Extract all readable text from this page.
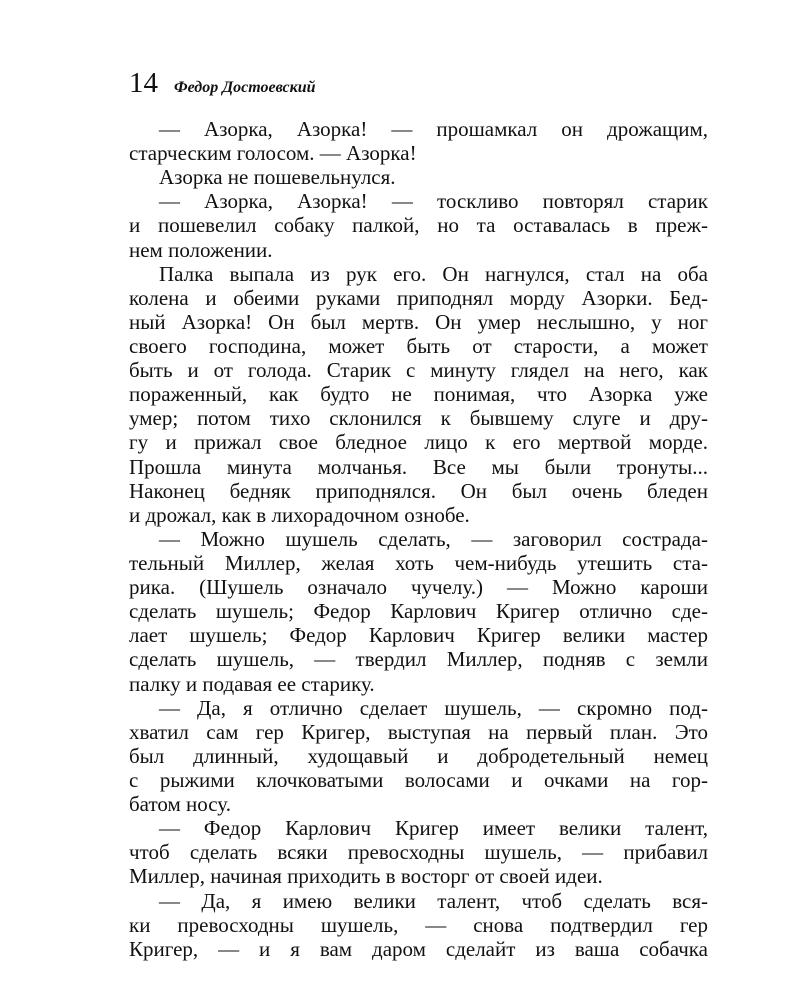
14 Федор Достоевский
— Азорка, Азорка! — прошамкал он дрожащим,
старческим голосом. — Азорка!
Азорка не пошевельнулся.
— Азорка, Азорка! — тоскливо повторял старик
и пошевелил собаку палкой, но та оставалась в преж-
нем положении.
Палка выпала из рук его. Он нагнулся, стал на оба
колена и обеими руками приподнял морду Азорки. Бед-
ный Азорка! Он был мертв. Он умер неслышно, у ног
своего господина, может быть от старости, а может
быть и от голода. Старик с минуту глядел на него, как
пораженный, как будто не понимая, что Азорка уже
умер; потом тихо склонился к бывшему слуге и дру-
гу и прижал свое бледное лицо к его мертвой морде.
Прошла минута молчанья. Все мы были тронуты...
Наконец бедняк приподнялся. Он был очень бледен
и дрожал, как в лихорадочном ознобе.
— Можно шушель сделать, — заговорил сострада-
тельный Миллер, желая хоть чем-нибудь утешить ста-
рика. (Шушель означало чучелу.) — Можно кароши
сделать шушель; Федор Карлович Кригер отлично сде-
лает шушель; Федор Карлович Кригер велики мастер
сделать шушель, — твердил Миллер, подняв с земли
палку и подавая ее старику.
— Да, я отлично сделает шушель, — скромно под-
хватил сам гер Кригер, выступая на первый план. Это
был длинный, худощавый и добродетельный немец
с рыжими клочковатыми волосами и очками на гор-
батом носу.
— Федор Карлович Кригер имеет велики талент,
чтоб сделать всяки превосходны шушель, — прибавил
Миллер, начиная приходить в восторг от своей идеи.
— Да, я имею велики талент, чтоб сделать вся-
ки превосходны шушель, — снова подтвердил гер
Кригер, — и я вам даром сделайт из ваша собачка
